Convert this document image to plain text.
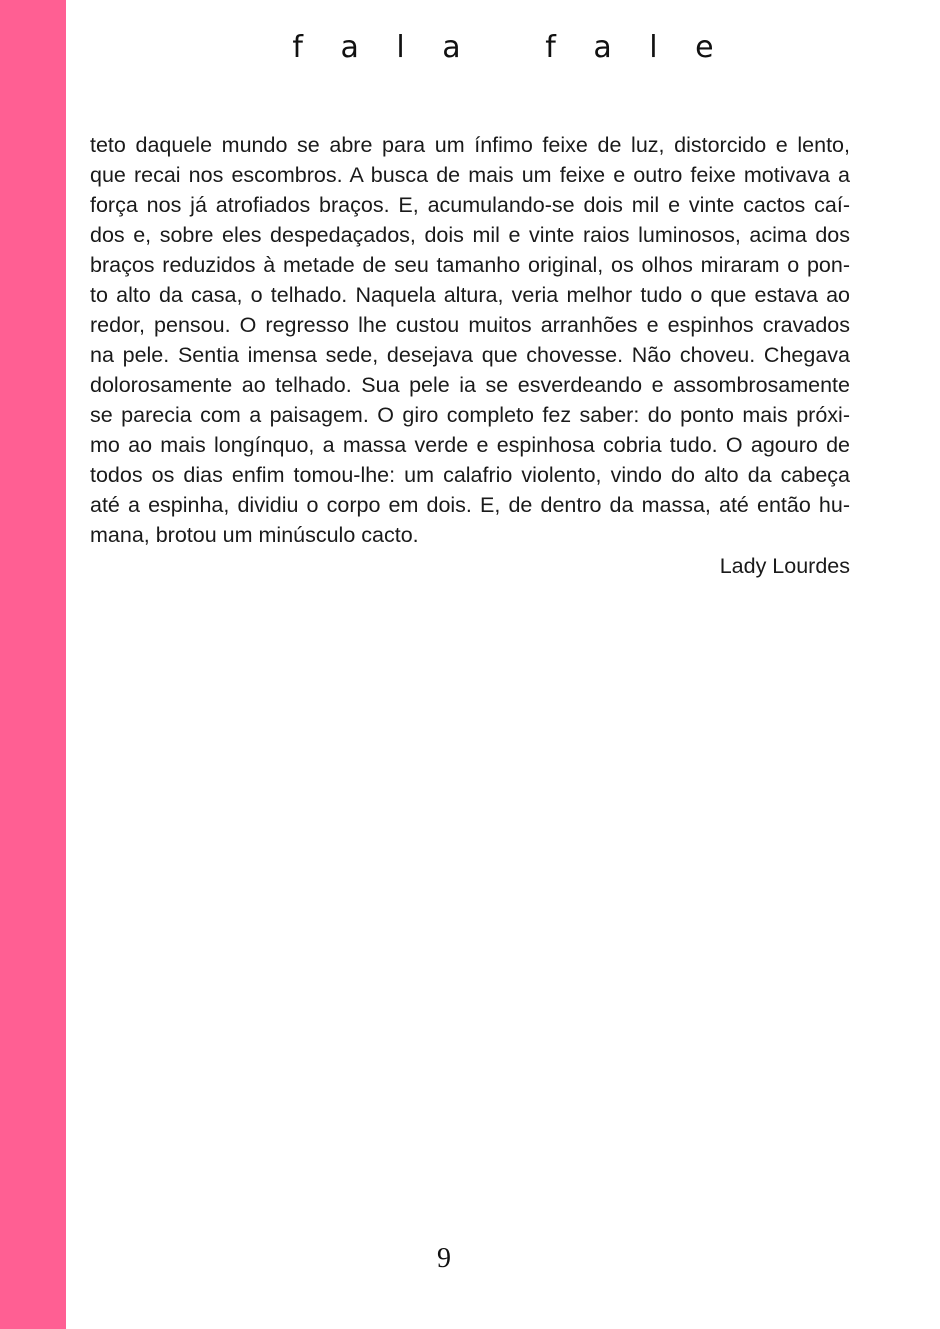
f a l a   f a l e
teto daquele mundo se abre para um ínfimo feixe de luz, distorcido e lento,
que recai nos escombros. A busca de mais um feixe e outro feixe motivava a
força nos já atrofiados braços. E, acumulando-se dois mil e vinte cactos caí-
dos e, sobre eles despedaçados, dois mil e vinte raios luminosos, acima dos
braços reduzidos à metade de seu tamanho original, os olhos miraram o pon-
to alto da casa, o telhado. Naquela altura, veria melhor tudo o que estava ao
redor, pensou. O regresso lhe custou muitos arranhões e espinhos cravados
na pele. Sentia imensa sede, desejava que chovesse. Não choveu. Chegava
dolorosamente ao telhado. Sua pele ia se esverdeando e assombrosamente
se parecia com a paisagem. O giro completo fez saber: do ponto mais próxi-
mo ao mais longínquo, a massa verde e espinhosa cobria tudo. O agouro de
todos os dias enfim tomou-lhe: um calafrio violento, vindo do alto da cabeça
até a espinha, dividiu o corpo em dois. E, de dentro da massa, até então hu-
mana, brotou um minúsculo cacto.
Lady Lourdes
9
